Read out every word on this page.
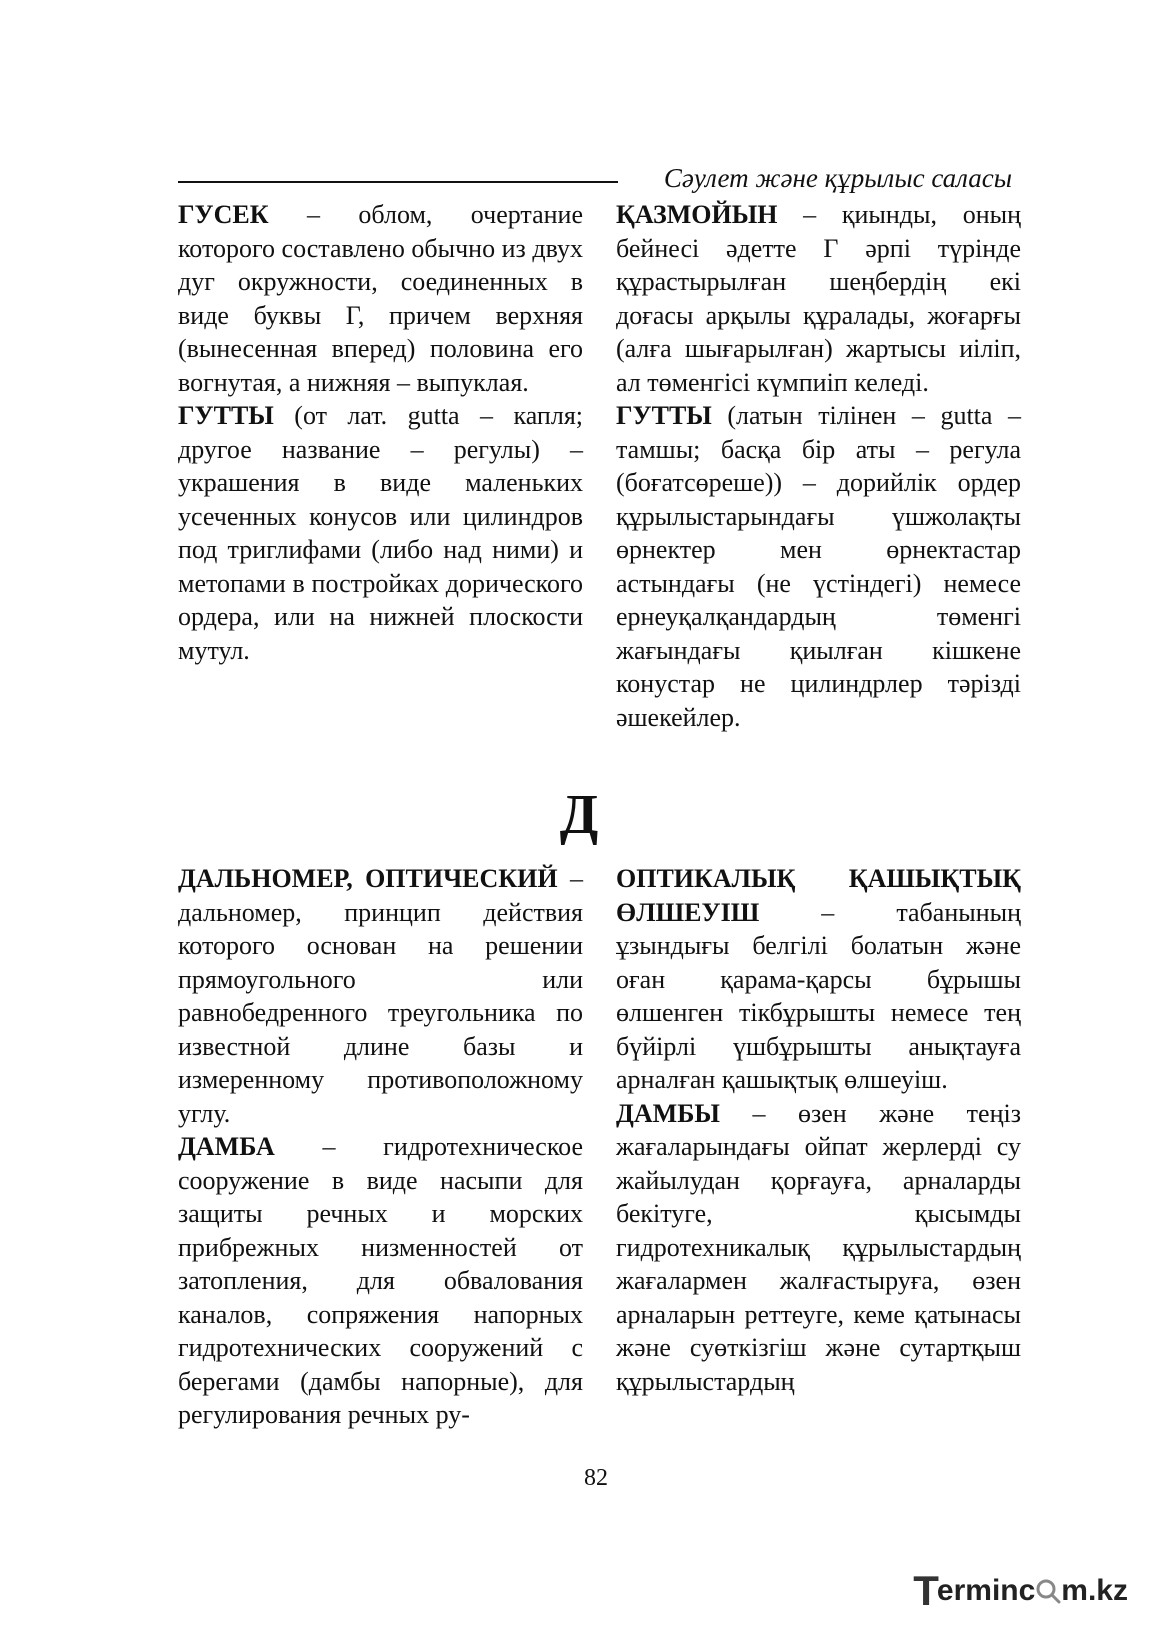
Сәулет және құрылыс саласы

ГУСЕК – облом, очертание которого составлено обычно из двух дуг окружности, соединенных в виде буквы Г, причем верхняя (вынесенная вперед) половина его вогнутая, а нижняя – выпуклая.

ГУТТЫ (от лат. gutta – капля; другое название – регулы) – украшения в виде маленьких усеченных конусов или цилиндров под триглифами (либо над ними) и метопами в постройках дорического ордера, или на нижней плоскости мутул.

ҚАЗМОЙЫН – қиынды, оның бейнесі әдетте Г әрпі түрінде құрастырылған шеңбердің екі доғасы арқылы құралады, жоғарғы (алға шығарылған) жартысы иіліп, ал төменгісі күмпиіп келеді.

ГУТТЫ (латын тілінен – gutta – тамшы; басқа бір аты – регула (боғатсөреше)) – дорийлік ордер құрылыстарындағы үшжолақты өрнектер мен өрнектастар астындағы (не үстіндегі) немесе ернеуқалқандардың төменгі жағындағы қиылған кішкене конустар не цилиндрлер тәрізді әшекейлер.

Д

ДАЛЬНОМЕР, ОПТИЧЕСКИЙ – дальномер, принцип действия которого основан на решении прямоугольного или равнобедренного треугольника по известной длине базы и измеренному противоположному углу.

ДАМБА – гидротехническое сооружение в виде насыпи для защиты речных и морских прибрежных низменностей от затопления, для обвалования каналов, сопряжения напорных гидротехнических сооружений с берегами (дамбы напорные), для регулирования речных ру-

ОПТИКАЛЫҚ ҚАШЫҚТЫҚ ӨЛШЕУІШ – табанының ұзындығы белгілі болатын және оған қарама-қарсы бұрышы өлшенген тікбұрышты немесе тең бүйірлі үшбұрышты анықтауға арналған қашықтық өлшеуіш.

ДАМБЫ – өзен және теңіз жағаларындағы ойпат жерлерді су жайылудан қорғауға, арналарды бекітуге, қысымды гидротехникалық құрылыстардың жағалармен жалғастыруға, өзен арналарын реттеуге, кеме қатынасы және суөткізгіш және сутартқыш құрылыстардың

82
T
erminc m.kz
